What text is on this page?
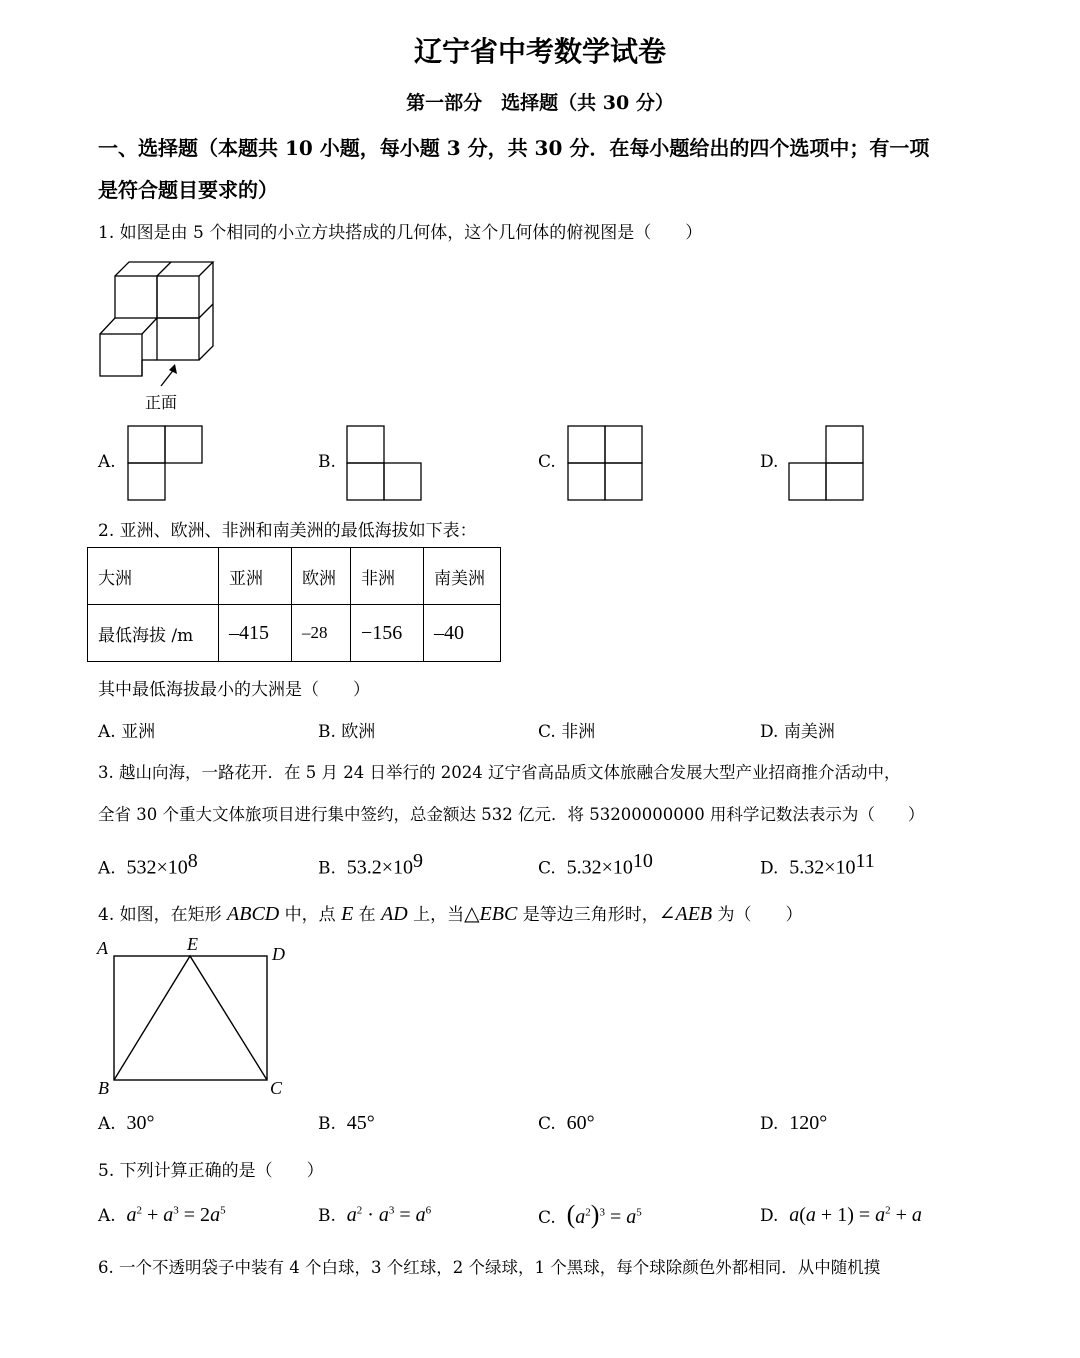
辽宁省中考数学试卷
第一部分　选择题（共 30 分）
一、选择题（本题共 10 小题，每小题 3 分，共 30 分．在每小题给出的四个选项中；有一项
是符合题目要求的）
1. 如图是由 5 个相同的小立方块搭成的几何体，这个几何体的俯视图是（　　）
正面
A.	B.	C.	D.
2. 亚洲、欧洲、非洲和南美洲的最低海拔如下表：
大洲	亚洲	欧洲	非洲	南美洲
最低海拔 /m	–415	–28	−156	–40
其中最低海拔最小的大洲是（　　）
A. 亚洲	B. 欧洲	C. 非洲	D. 南美洲
3. 越山向海，一路花开．在 5 月 24 日举行的 2024 辽宁省高品质文体旅融合发展大型产业招商推介活动中，
全省 30 个重大文体旅项目进行集中签约，总金额达 532 亿元．将 53200000000 用科学记数法表示为（　　）
A. $532\times 10^8$	B. $53.2\times 10^9$	C. $5.32\times 10^{10}$	D. $5.32\times 10^{11}$
4. 如图，在矩形 ABCD 中，点 E 在 AD 上，当△EBC 是等边三角形时，∠AEB 为（　　）
A	E	D
B	C
A. 30°	B. 45°	C. 60°	D. 120°
5. 下列计算正确的是（　　）
A. $a^2 + a^3 = 2a^5$	B. $a^2 \cdot a^3 = a^6$	C. $(a^2)^3 = a^5$	D. $a(a + 1) = a^2 + a$
6. 一个不透明袋子中装有 4 个白球，3 个红球，2 个绿球，1 个黑球，每个球除颜色外都相同．从中随机摸
